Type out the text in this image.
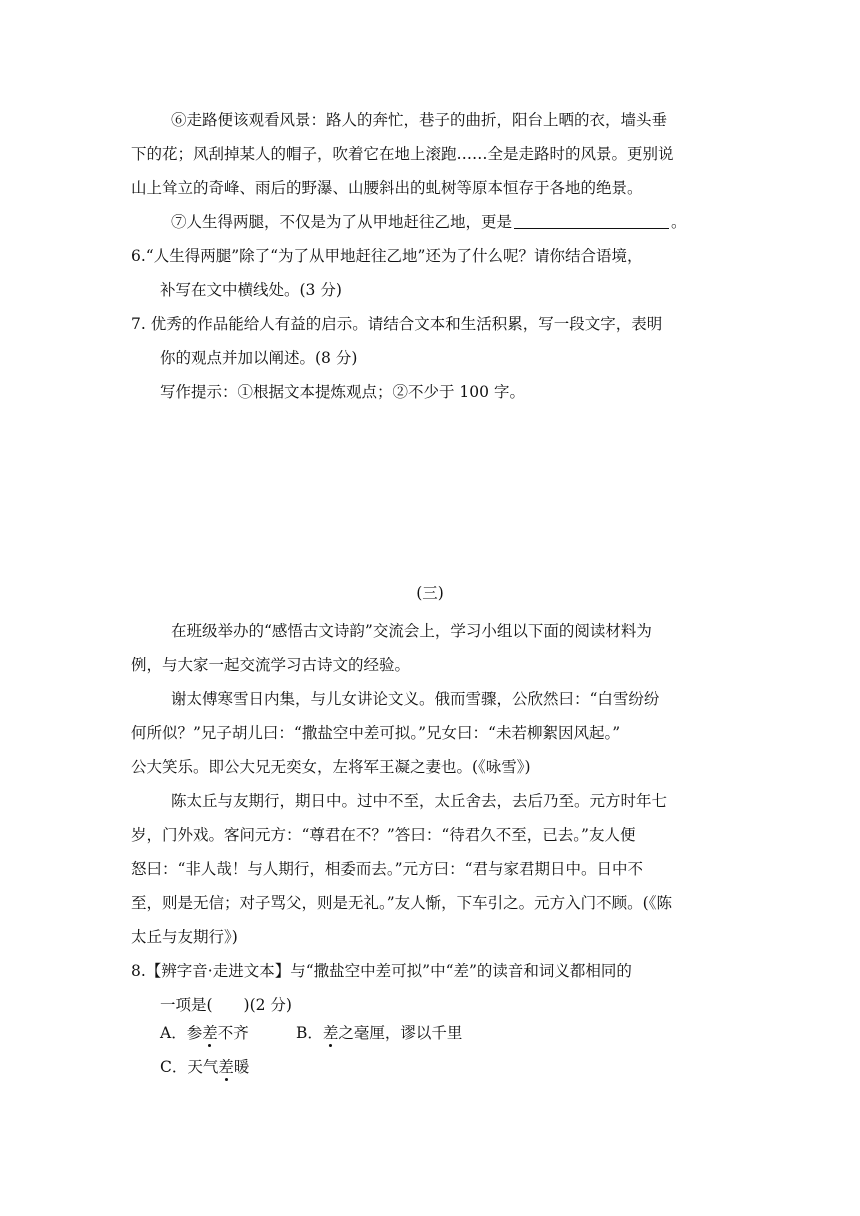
⑥走路便该观看风景：路人的奔忙，巷子的曲折，阳台上晒的衣，墙头垂
下的花；风刮掉某人的帽子，吹着它在地上滚跑……全是走路时的风景。更别说
山上耸立的奇峰、雨后的野瀑、山腰斜出的虬树等原本恒存于各地的绝景。
⑦人生得两腿，不仅是为了从甲地赶往乙地，更是	。
6.“人生得两腿”除了“为了从甲地赶往乙地”还为了什么呢？请你结合语境，
补写在文中横线处。(3 分)
7. 优秀的作品能给人有益的启示。请结合文本和生活积累，写一段文字，表明
你的观点并加以阐述。(8 分)
写作提示：①根据文本提炼观点；②不少于 100 字。
(三)
在班级举办的“感悟古文诗韵”交流会上，学习小组以下面的阅读材料为
例，与大家一起交流学习古诗文的经验。
谢太傅寒雪日内集，与儿女讲论文义。俄而雪骤，公欣然曰：“白雪纷纷
何所似？”兄子胡儿曰：“撒盐空中差可拟。”兄女曰：“未若柳絮因风起。”
公大笑乐。即公大兄无奕女，左将军王凝之妻也。(《咏雪》)
陈太丘与友期行，期日中。过中不至，太丘舍去，去后乃至。元方时年七
岁，门外戏。客问元方：“尊君在不？”答曰：“待君久不至，已去。”友人便
怒曰：“非人哉！与人期行，相委而去。”元方曰：“君与家君期日中。日中不
至，则是无信；对子骂父，则是无礼。”友人惭，下车引之。元方入门不顾。(《陈
太丘与友期行》)
8.【辨字音·走进文本】与“撒盐空中差可拟”中“差”的读音和词义都相同的
一项是(　　)(2 分)
A．参差不齐	B．差之毫厘，谬以千里
C．天气差暖
